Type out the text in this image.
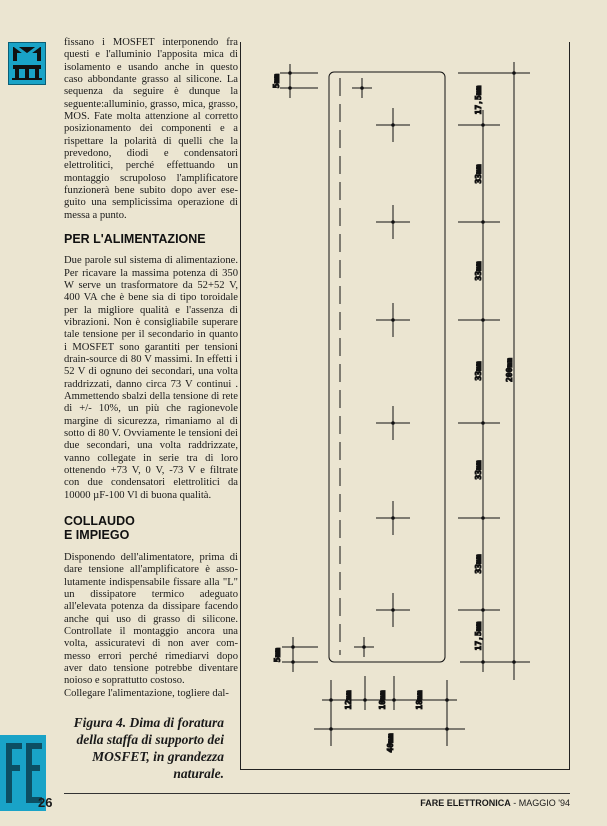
fissano i MOSFET interponendo fra questi e l'alluminio l'apposita mica di isolamento e usando anche in questo caso abbondante grasso al silicone. La sequenza da seguire è dunque la seguente:alluminio, grasso, mica, grasso, MOS. Fate molta attenzione al corretto posizionamento dei componenti e a rispettare la polarità di quelli che la prevedono, diodi e condensatori elettrolitici, perché effettuando un montaggio scrupoloso l'amplificatore funzionerà bene subito dopo aver eseguito una semplicissima operazione di messa a punto.

PER L'ALIMENTAZIONE

Due parole sul sistema di alimentazione. Per ricavare la massima potenza di 350 W serve un trasformatore da 52+52 V, 400 VA che è bene sia di tipo toroidale per la migliore qualità e l'assenza di vibrazioni. Non è consigliabile superare tale tensione per il secondario in quanto i MOSFET sono garantiti per tensioni drain-source di 80 V massimi. In effetti i 52 V di ognuno dei secondari, una volta raddrizzati, danno circa 73 V continui . Ammettendo sbalzi della tensione di rete di +/- 10%, un più che ragionevole margine di sicurezza, rimaniamo al di sotto di 80 V. Ovviamente le tensioni dei due secondari, una volta raddrizzate, vanno collegate in serie tra di loro ottenendo +73 V, 0 V, -73 V e filtrate con due condensatori elettrolitici da 10000 µF-100 Vl di buona qualità.

COLLAUDO

E IMPIEGO

Disponendo dell'alimentatore, prima di dare tensione all'amplificatore è assolutamente indispensabile fissare alla "L" un dissipatore termico adeguato all'elevata potenza da dissipare facendo anche qui uso di grasso di silicone. Controllate il montaggio ancora una volta, assicuratevi di non aver commesso errori perché rimediarvi dopo aver dato tensione potrebbe diventare noioso e soprattutto costoso.

Collegare l'alimentazione, togliere dal-

Figura 4. Dima di foratura della staffa di supporto dei MOSFET, in grandezza naturale.
5mm
5mm
17,5mm
33mm
33mm
33mm
33mm
33mm
17,5mm
200mm
12mm	10mm	18mm
40mm
26	FARE ELETTRONICA - MAGGIO '94
